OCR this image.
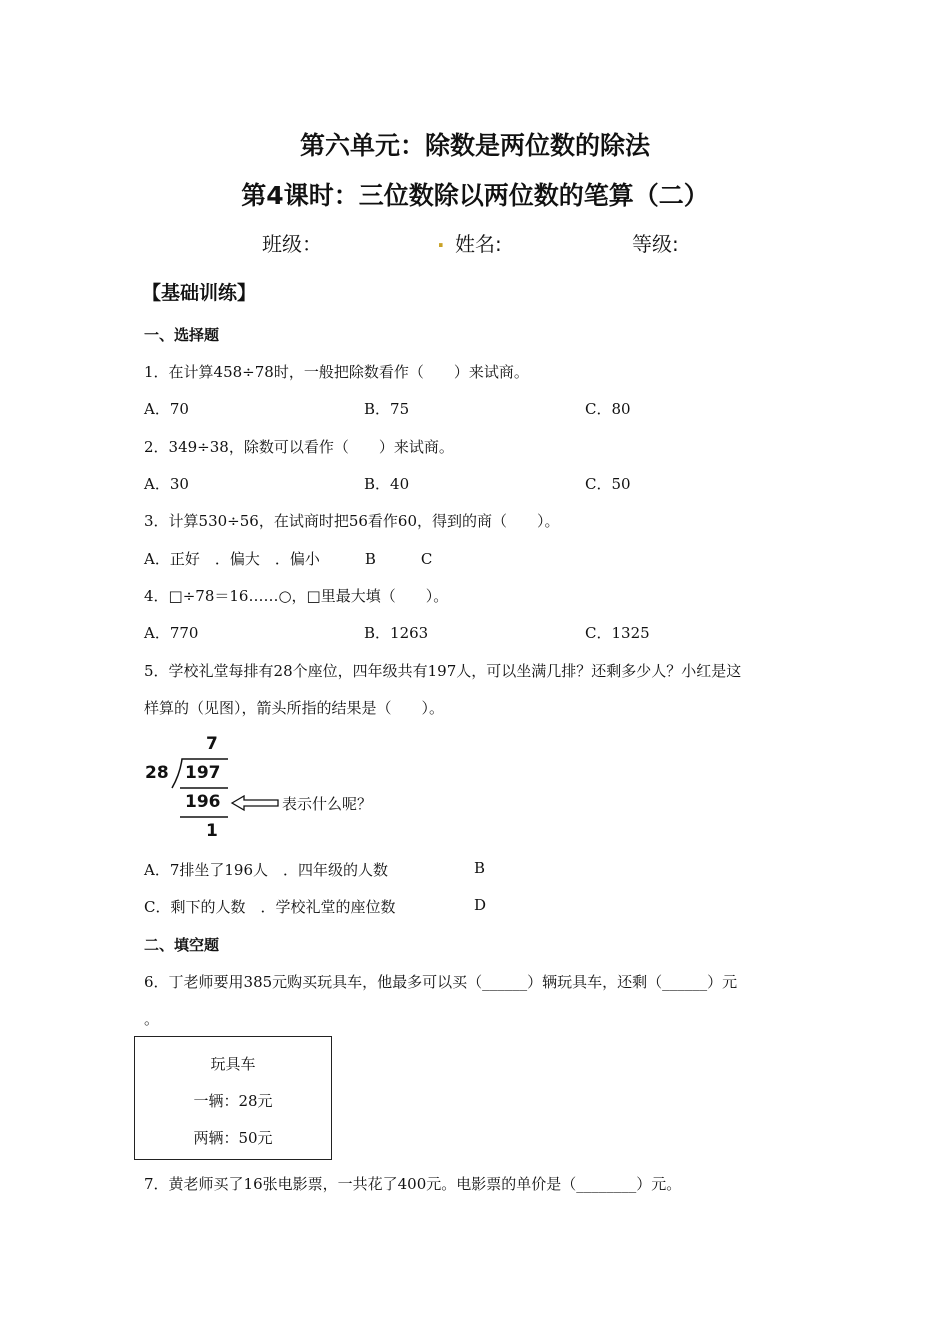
第六单元：除数是两位数的除法
第4课时：三位数除以两位数的笔算（二）
班级：	. 姓名:	等级:
【基础训练】
一、选择题
1．在计算458÷78时，一般把除数看作（　　）来试商。
A．70	B．75	C．80
2．349÷38，除数可以看作（　　）来试商。
A．30	B．40	C．50
3．计算530÷56，在试商时把56看作60，得到的商（　　）。
A．正好　．偏大　．偏小　　　B　　　C
4．□÷78＝16……○，□里最大填（　　）。
A．770	B．1263	C．1325
5．学校礼堂每排有28个座位，四年级共有197人，可以坐满几排？还剩多少人？小红是这
样算的（见图），箭头所指的结果是（　　）。
7
28 197
196
1
表示什么呢？
A．7排坐了196人　．四年级的人数	B
C．剩下的人数　．学校礼堂的座位数	D
二、填空题
6．丁老师要用385元购买玩具车，他最多可以买（______）辆玩具车，还剩（______）元
。
玩具车
一辆：28元
两辆：50元
7．黄老师买了16张电影票，一共花了400元。电影票的单价是（________）元。
